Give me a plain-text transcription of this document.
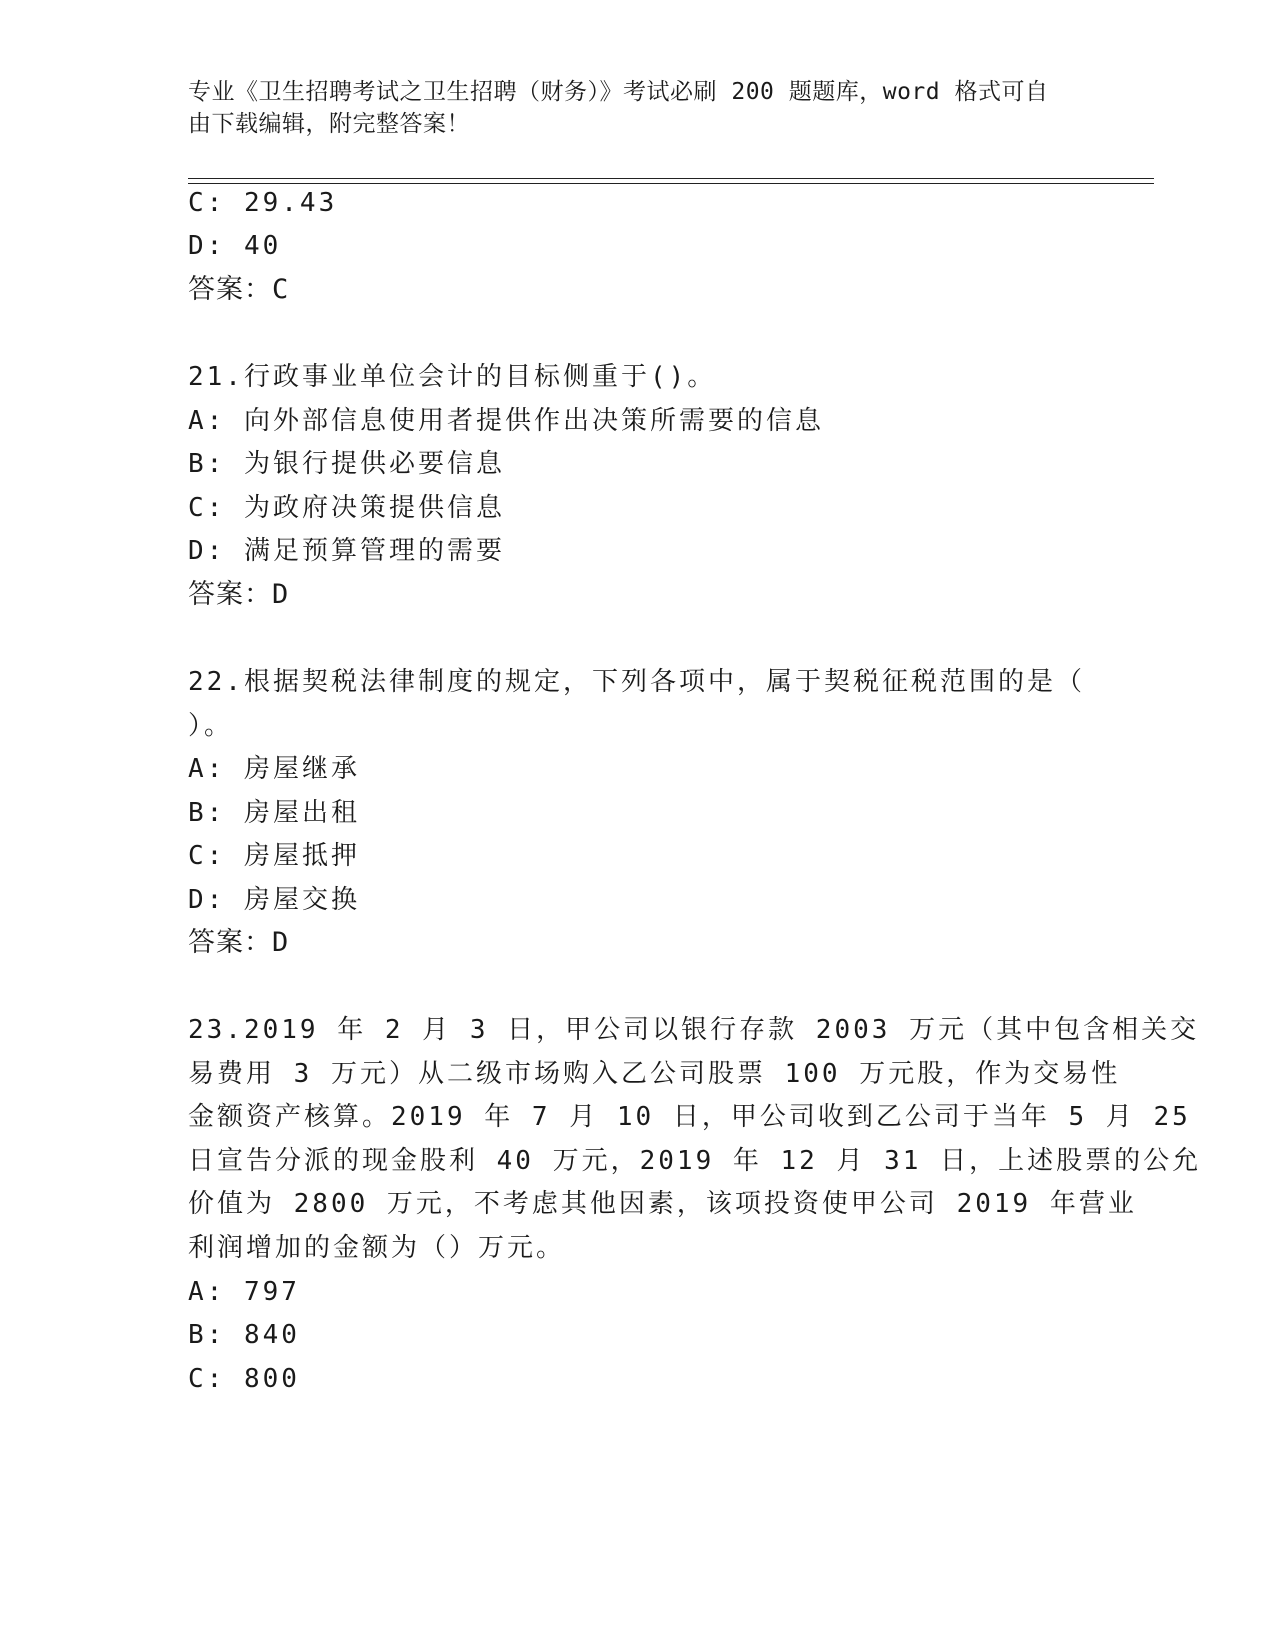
专业《卫生招聘考试之卫生招聘（财务）》考试必刷 200 题题库，word 格式可自
由下载编辑，附完整答案！
C: 29.43
D: 40
答案：C
21.行政事业单位会计的目标侧重于()。
A: 向外部信息使用者提供作出决策所需要的信息
B: 为银行提供必要信息
C: 为政府决策提供信息
D: 满足预算管理的需要
答案：D
22.根据契税法律制度的规定，下列各项中，属于契税征税范围的是（
）。
A: 房屋继承
B: 房屋出租
C: 房屋抵押
D: 房屋交换
答案：D
23.2019 年 2 月 3 日，甲公司以银行存款 2003 万元（其中包含相关交
易费用 3 万元）从二级市场购入乙公司股票 100 万元股，作为交易性
金额资产核算。2019 年 7 月 10 日，甲公司收到乙公司于当年 5 月 25
日宣告分派的现金股利 40 万元，2019 年 12 月 31 日，上述股票的公允
价值为 2800 万元，不考虑其他因素，该项投资使甲公司 2019 年营业
利润增加的金额为（）万元。
A: 797
B: 840
C: 800
